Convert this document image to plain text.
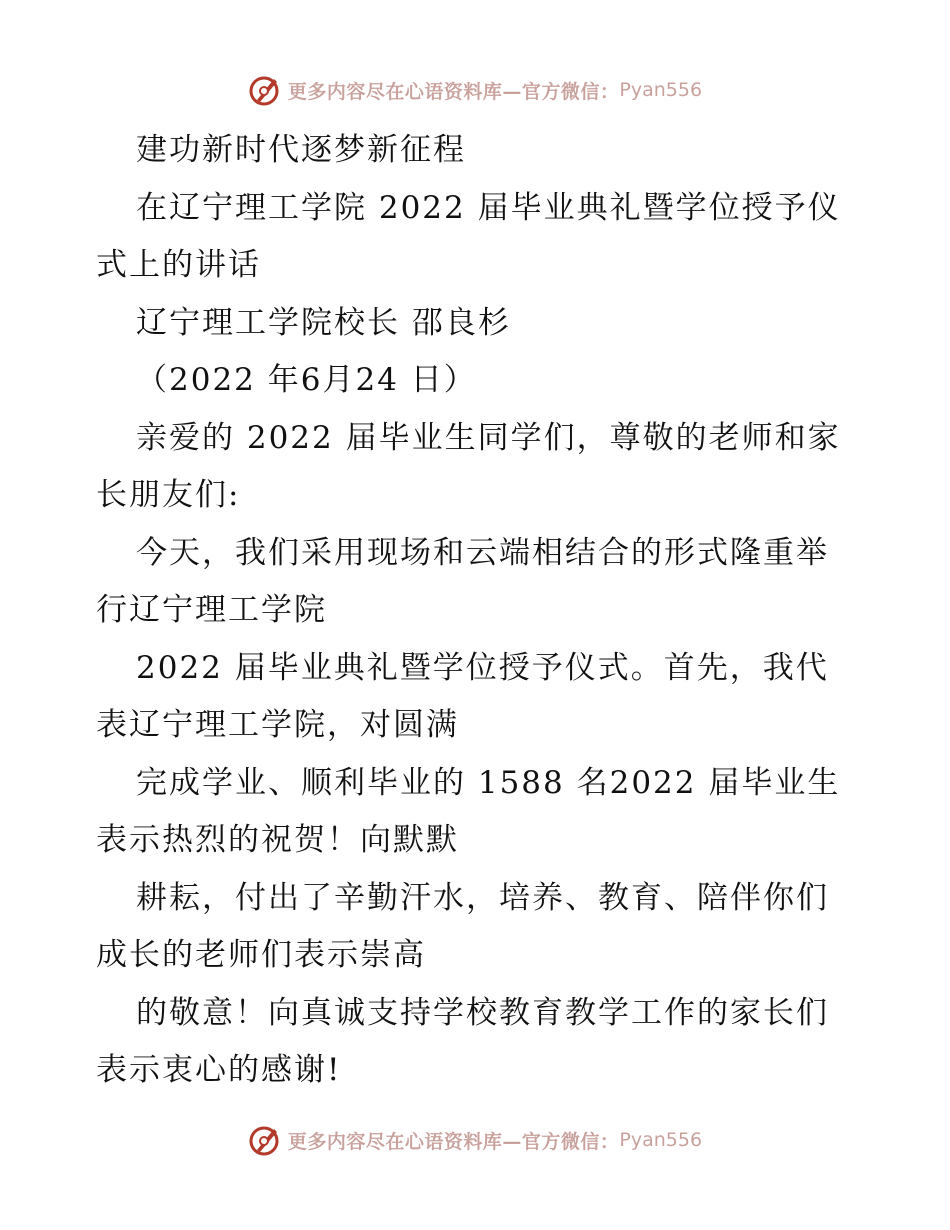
更多内容尽在心语资料库—官方微信： Pyan556
建功新时代逐梦新征程
在辽宁理工学院 2022 届毕业典礼暨学位授予仪
式上的讲话
辽宁理工学院校长 邵良杉
（2022 年6月24 日）
亲爱的 2022 届毕业生同学们，尊敬的老师和家
长朋友们:
今天，我们采用现场和云端相结合的形式隆重举
行辽宁理工学院
2022 届毕业典礼暨学位授予仪式。首先，我代
表辽宁理工学院，对圆满
完成学业、顺利毕业的 1588 名2022 届毕业生
表示热烈的祝贺！向默默
耕耘，付出了辛勤汗水，培养、教育、陪伴你们
成长的老师们表示崇高
的敬意！向真诚支持学校教育教学工作的家长们
表示衷心的感谢!
更多内容尽在心语资料库—官方微信： Pyan556
